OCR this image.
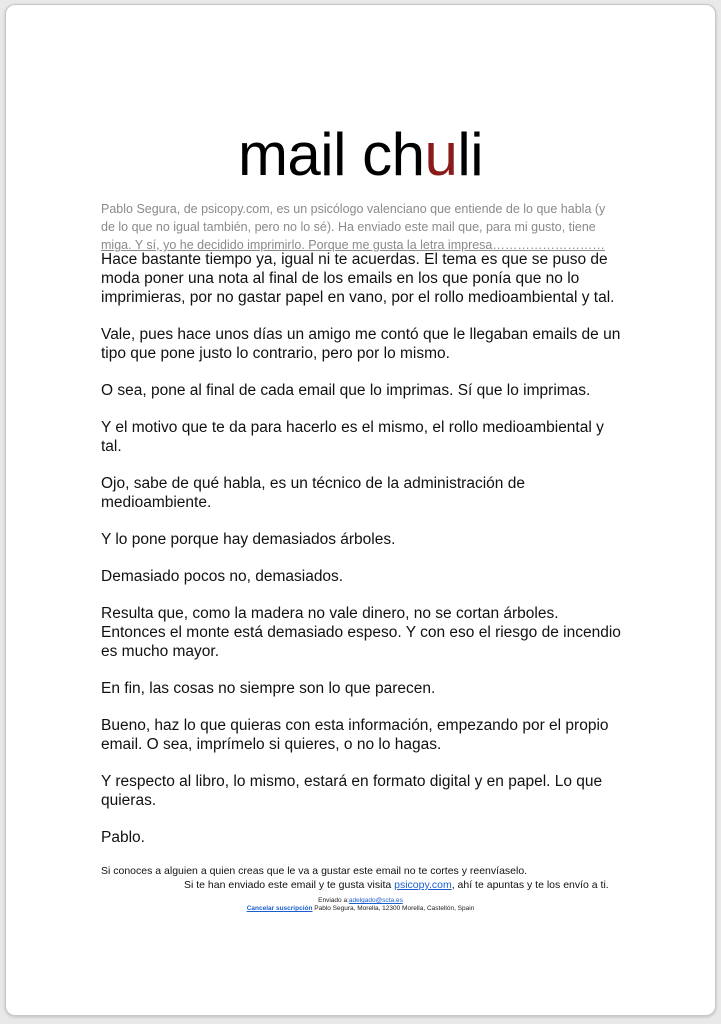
mail chuli
Pablo Segura, de psicopy.com, es un psicólogo valenciano que entiende de lo que habla (y
de lo que no igual también, pero no lo sé). Ha enviado este mail que, para mi gusto, tiene
miga. Y sí, yo he decidido imprimirlo. Porque me gusta la letra impresa………………………

Hace bastante tiempo ya, igual ni te acuerdas. El tema es que se puso de moda poner una nota al final de los emails en los que ponía que no lo imprimieras, por no gastar papel en vano, por el rollo medioambiental y tal.

Vale, pues hace unos días un amigo me contó que le llegaban emails de un tipo que pone justo lo contrario, pero por lo mismo.

O sea, pone al final de cada email que lo imprimas. Sí que lo imprimas.

Y el motivo que te da para hacerlo es el mismo, el rollo medioambiental y tal.

Ojo, sabe de qué habla, es un técnico de la administración de medioambiente.

Y lo pone porque hay demasiados árboles.

Demasiado pocos no, demasiados.

Resulta que, como la madera no vale dinero, no se cortan árboles. Entonces el monte está demasiado espeso. Y con eso el riesgo de incendio es mucho mayor.

En fin, las cosas no siempre son lo que parecen.

Bueno, haz lo que quieras con esta información, empezando por el propio email. O sea, imprímelo si quieres, o no lo hagas.

Y respecto al libro, lo mismo, estará en formato digital y en papel. Lo que quieras.

Pablo.

Si conoces a alguien a quien creas que le va a gustar este email no te cortes y reenvíaselo.
Si te han enviado este email y te gusta visita psicopy.com, ahí te apuntas y te los envío a ti.
Enviado a:adelgado@scta.es
Cancelar suscripción Pablo Segura, Morella, 12300 Morella, Castellón, Spain
